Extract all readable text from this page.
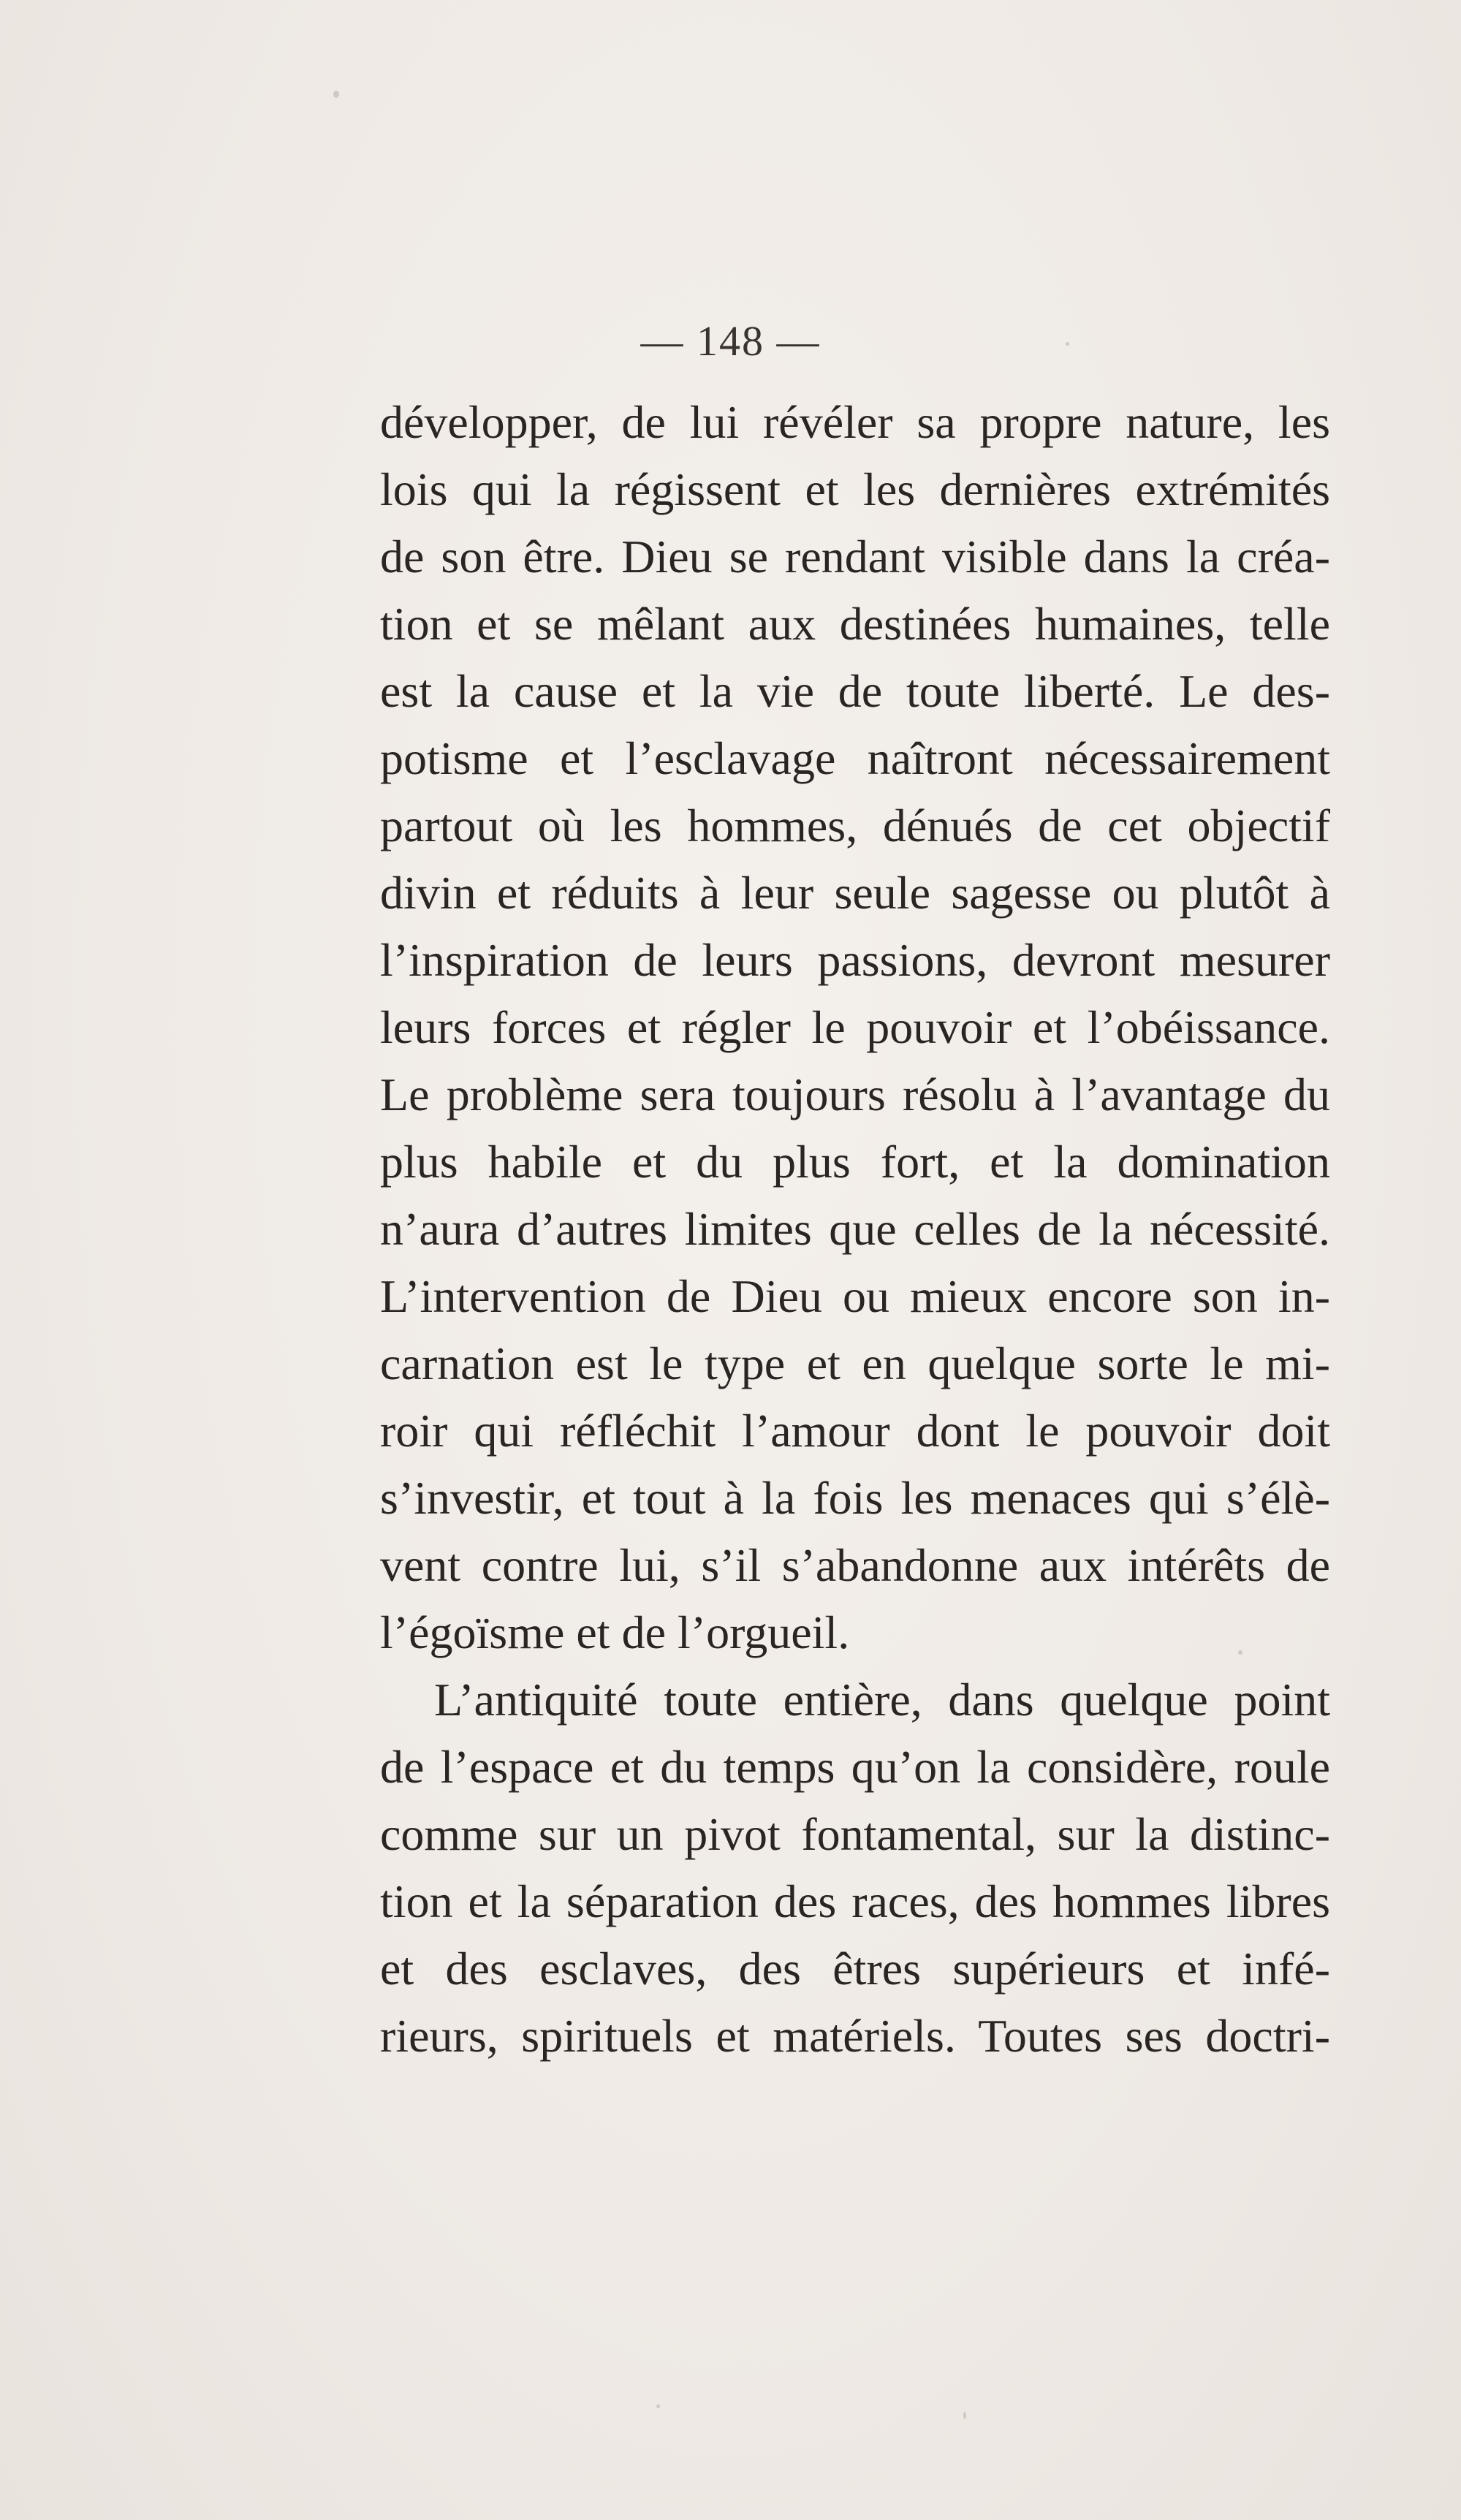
— 148 —
développer, de lui révéler sa propre nature, les
lois qui la régissent et les dernières extrémités
de son être. Dieu se rendant visible dans la créa-
tion et se mêlant aux destinées humaines, telle
est la cause et la vie de toute liberté. Le des-
potisme et l’esclavage naîtront nécessairement
partout où les hommes, dénués de cet objectif
divin et réduits à leur seule sagesse ou plutôt à
l’inspiration de leurs passions, devront mesurer
leurs forces et régler le pouvoir et l’obéissance.
Le problème sera toujours résolu à l’avantage du
plus habile et du plus fort, et la domination
n’aura d’autres limites que celles de la nécessité.
L’intervention de Dieu ou mieux encore son in-
carnation est le type et en quelque sorte le mi-
roir qui réfléchit l’amour dont le pouvoir doit
s’investir, et tout à la fois les menaces qui s’élè-
vent contre lui, s’il s’abandonne aux intérêts de
l’égoïsme et de l’orgueil.
L’antiquité toute entière, dans quelque point
de l’espace et du temps qu’on la considère, roule
comme sur un pivot fontamental, sur la distinc-
tion et la séparation des races, des hommes libres
et des esclaves, des êtres supérieurs et infé-
rieurs, spirituels et matériels. Toutes ses doctri-
